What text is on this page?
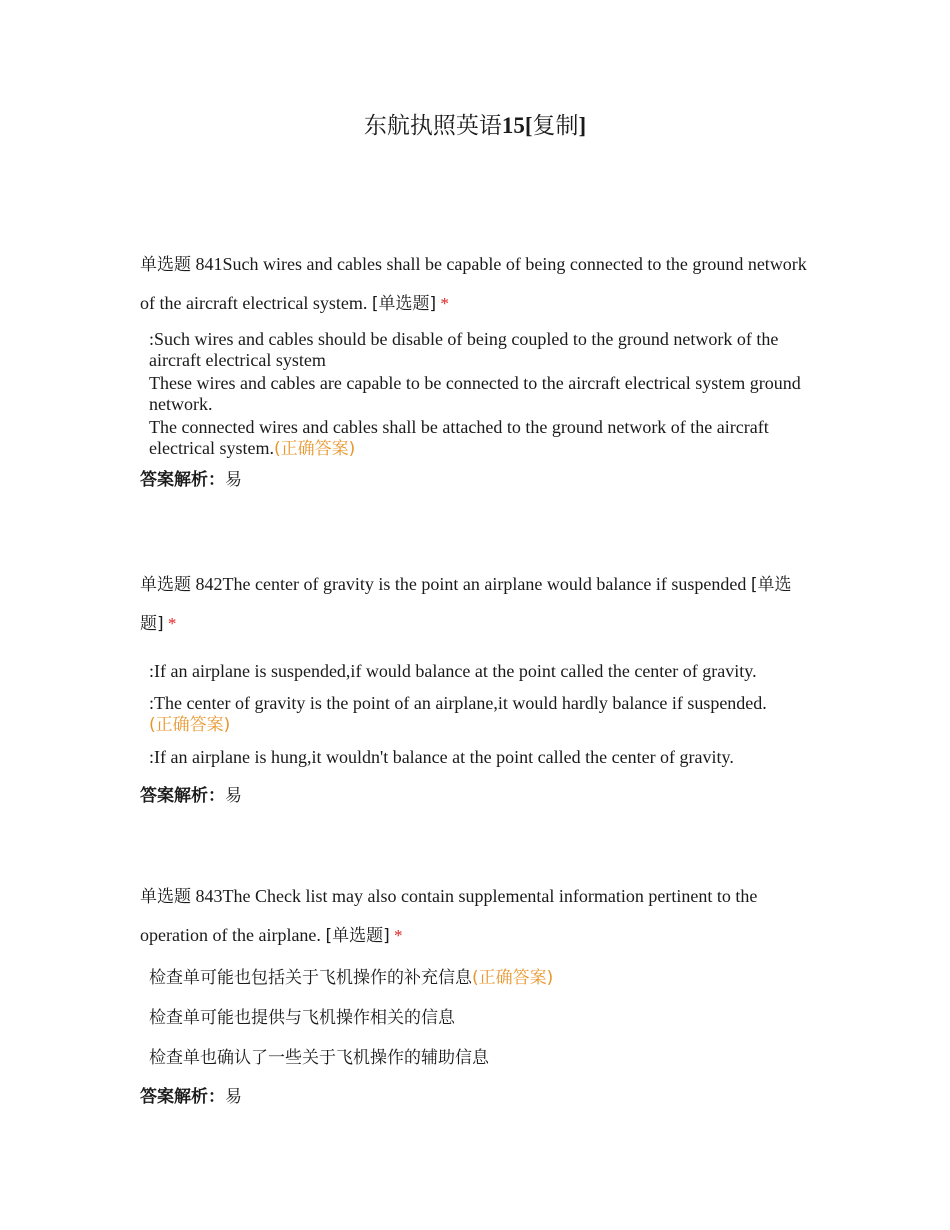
东航执照英语15[复制]

单选题 841Such wires and cables shall be capable of being connected to the ground network of the aircraft electrical system. [单选题] *

:Such wires and cables should be disable of being coupled to the ground network of the aircraft electrical system
These wires and cables are capable to be connected to the aircraft electrical system ground network.
The connected wires and cables shall be attached to the ground network of the aircraft electrical system.(正确答案)

答案解析：易

单选题 842The center of gravity is the point an airplane would balance if suspended [单选题] *

:If an airplane is suspended,if would balance at the point called the center of gravity.
:The center of gravity is the point of an airplane,it would hardly balance if suspended.
(正确答案)
:If an airplane is hung,it wouldn't balance at the point called the center of gravity.

答案解析：易

单选题 843The Check list may also contain supplemental information pertinent to the operation of the airplane. [单选题] *

检查单可能也包括关于飞机操作的补充信息(正确答案)
检查单可能也提供与飞机操作相关的信息
检查单也确认了一些关于飞机操作的辅助信息

答案解析：易
